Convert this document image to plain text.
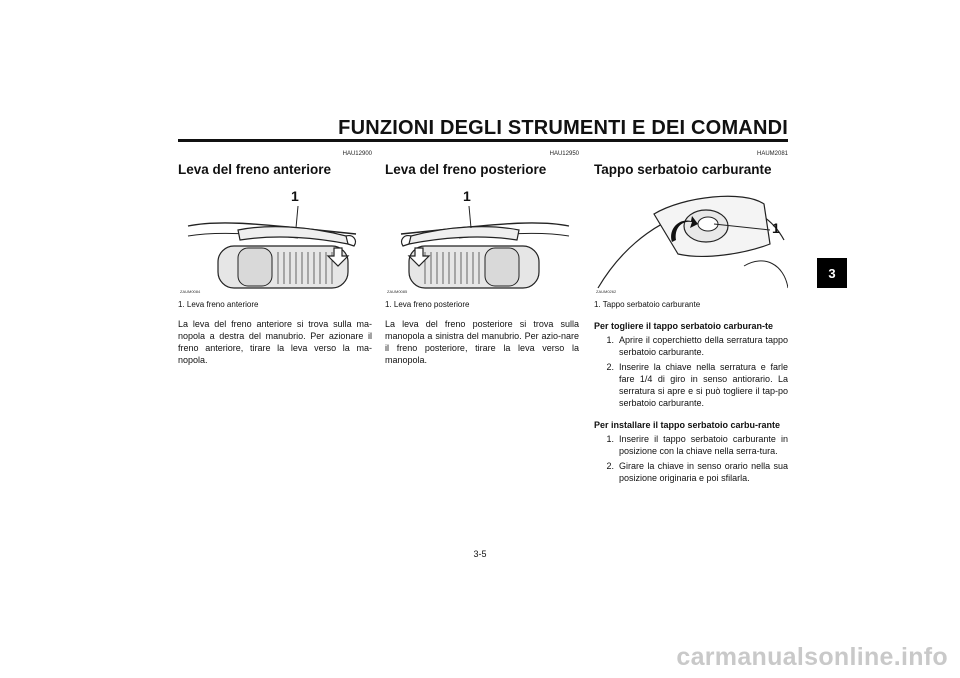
FUNZIONI DEGLI STRUMENTI E DEI COMANDI
3
HAU12900
Leva del freno anteriore
1
ZAUM0084
1. Leva freno anteriore
La leva del freno anteriore si trova sulla ma-nopola a destra del manubrio. Per azionare il freno anteriore, tirare la leva verso la ma-nopola.
HAU12950
Leva del freno posteriore
1
ZAUM0085
1. Leva freno posteriore
La leva del freno posteriore si trova sulla manopola a sinistra del manubrio. Per azio-nare il freno posteriore, tirare la leva verso la manopola.
HAUM2081
Tappo serbatoio carburante
1
ZAUM0262
1. Tappo serbatoio carburante
Per togliere il tappo serbatoio carburan-te
1. Aprire il coperchietto della serratura tappo serbatoio carburante.
2. Inserire la chiave nella serratura e farle fare 1/4 di giro in senso antiorario. La serratura si apre e si può togliere il tap-po serbatoio carburante.
Per installare il tappo serbatoio carbu-rante
1. Inserire il tappo serbatoio carburante in posizione con la chiave nella serra-tura.
2. Girare la chiave in senso orario nella sua posizione originaria e poi sfilarla.
3-5
carmanualsonline.info
